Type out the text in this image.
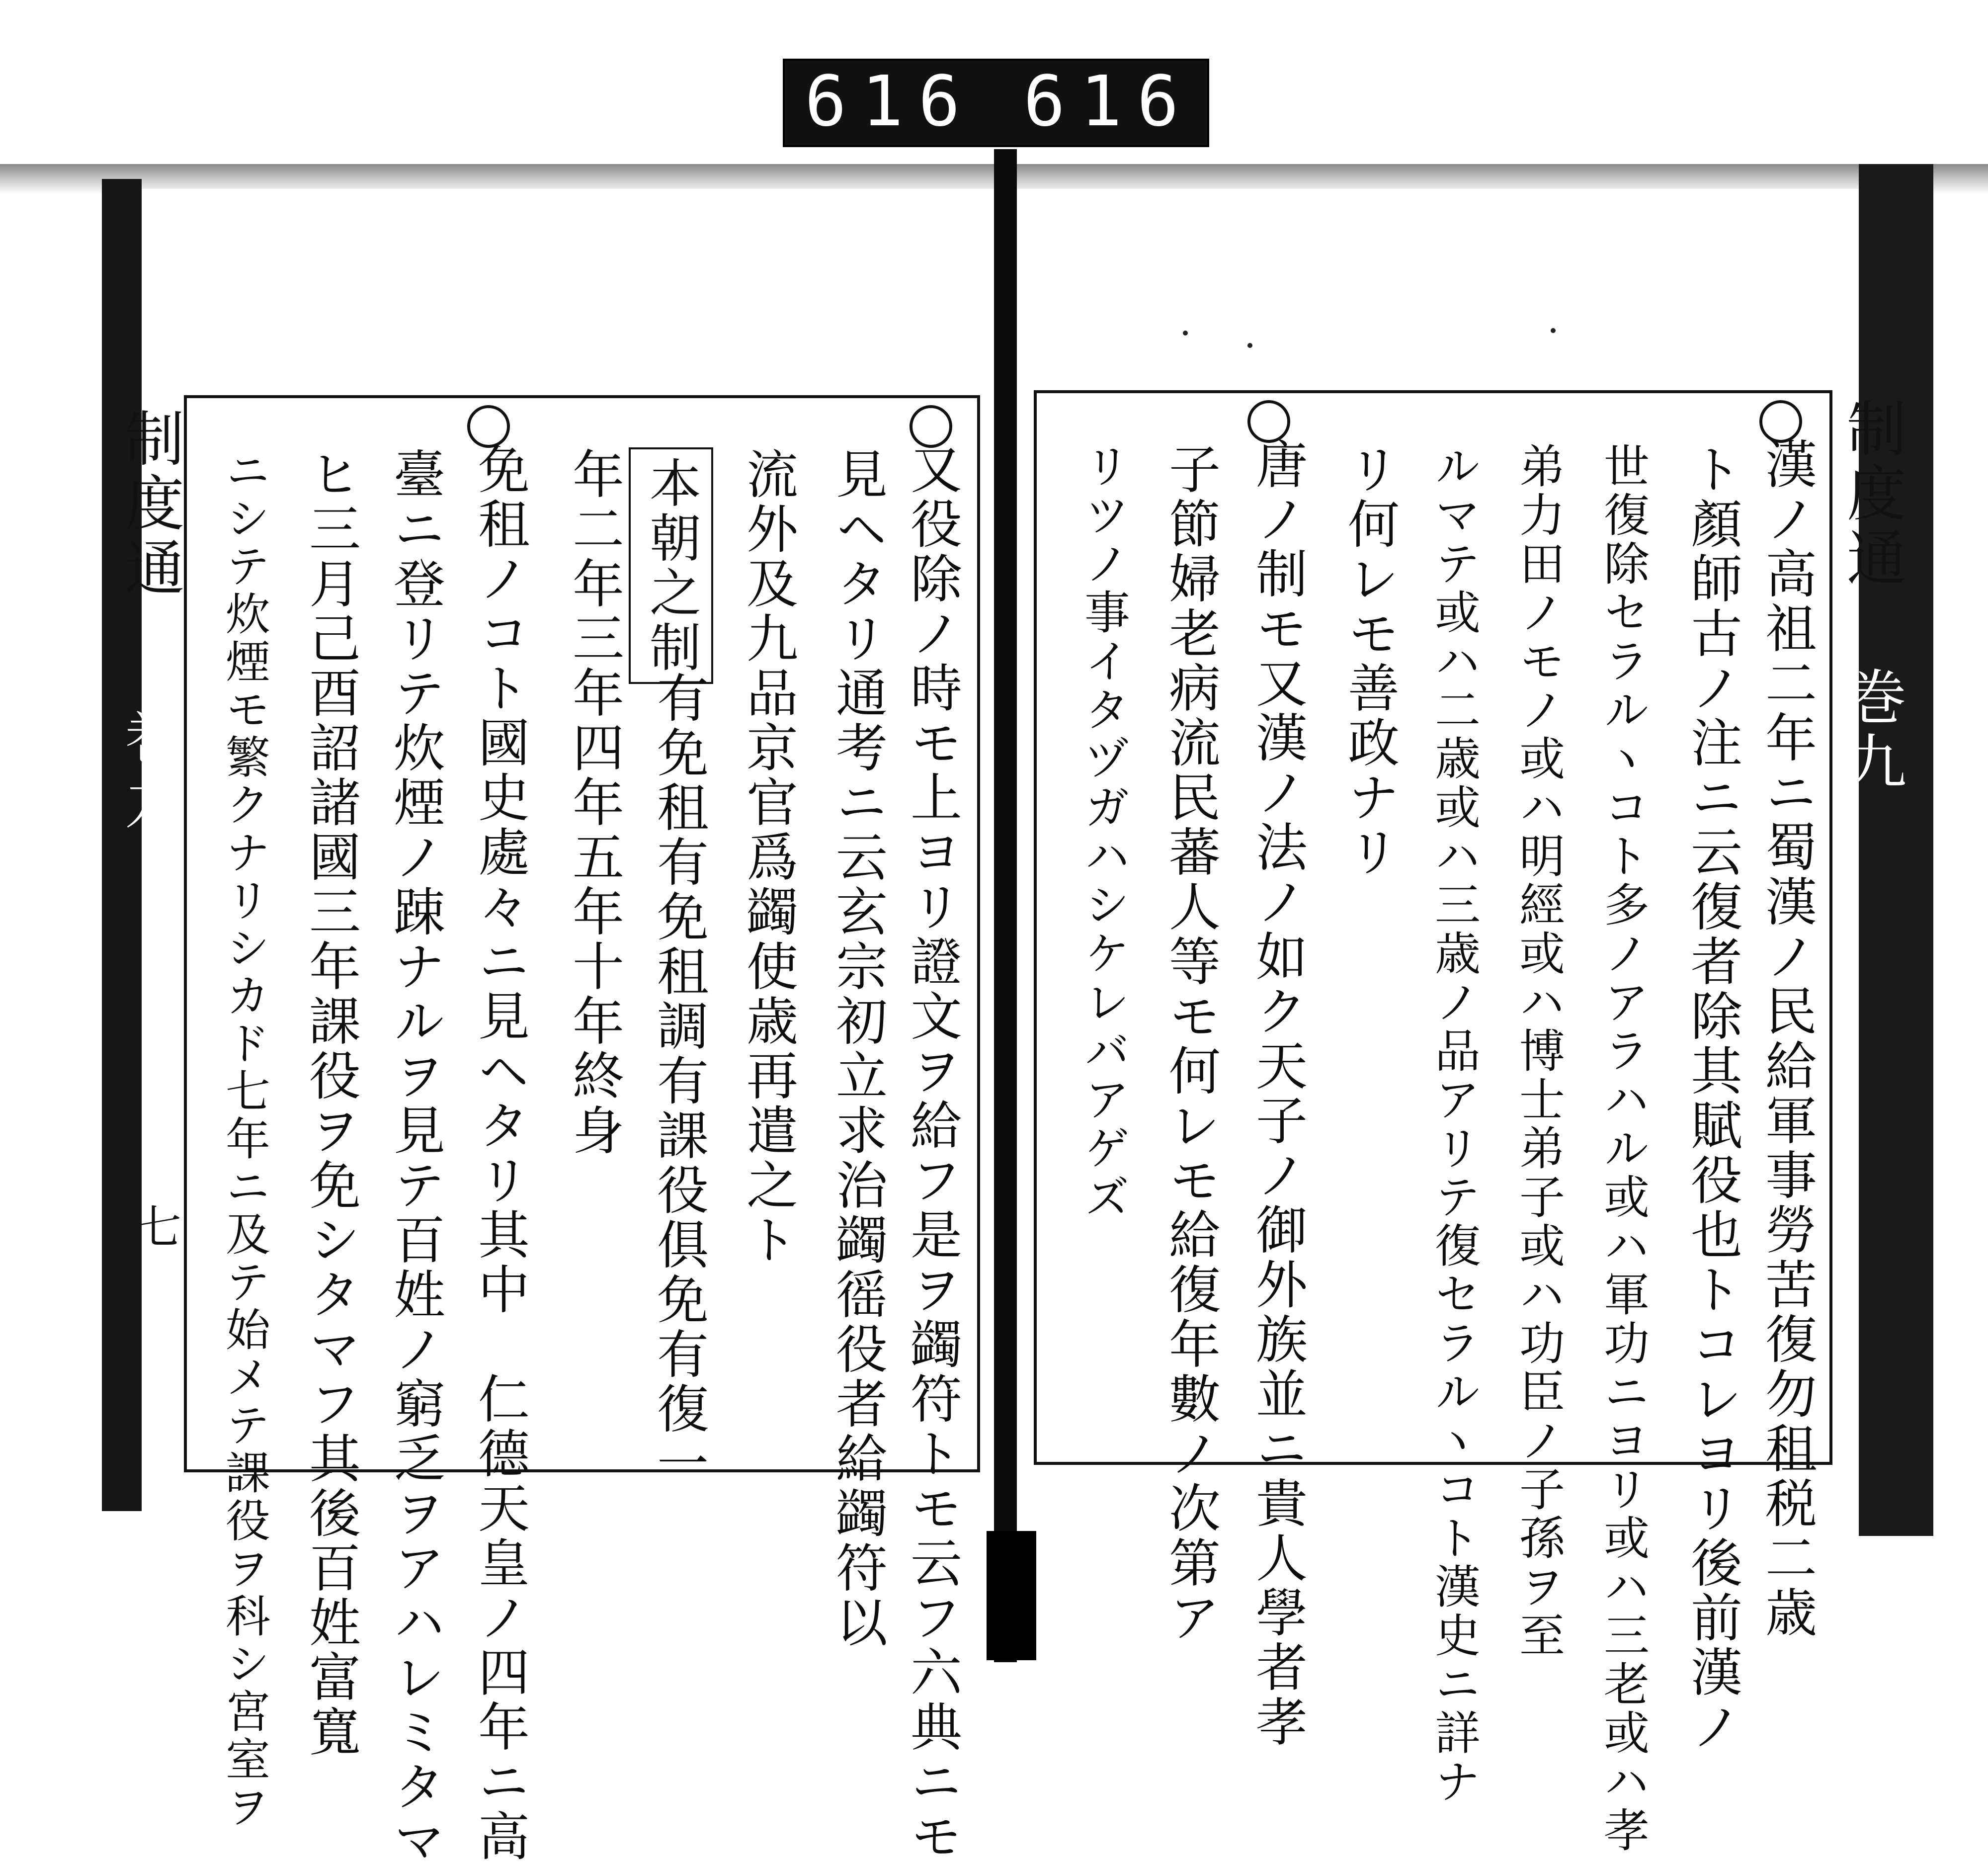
616 616.
制度通
巻九
七
制度通
巻九
又役除ノ時モ上ヨリ證文ヲ給フ是ヲ蠲符トモ云フ六典ニモ
見ヘタリ通考ニ云玄宗初立求治蠲徭役者給蠲符以
流外及九品京官爲蠲使歳再遣之ト
本朝之制
有免租有免租調有課役俱免有復一
年二年三年四年五年十年終身
免租ノコト國史處々ニ見ヘタリ其中　仁德天皇ノ四年ニ高
臺ニ登リテ炊煙ノ踈ナルヲ見テ百姓ノ窮乏ヲアハレミタマ
ヒ三月己酉詔諸國三年課役ヲ免シタマフ其後百姓富寬
ニシテ炊煙モ繁クナリシカド七年ニ及テ始メテ課役ヲ科シ宮室ヲ	漢ノ高祖二年ニ蜀漢ノ民給軍事勞苦復勿租税二歳
ト顏師古ノ注ニ云復者除其賦役也トコレヨリ後前漢ノ
世復除セラルヽコト多ノアラハル或ハ軍功ニヨリ或ハ三老或ハ孝
弟力田ノモノ或ハ明經或ハ博士弟子或ハ功臣ノ子孫ヲ至
ルマテ或ハ二歳或ハ三歳ノ品アリテ復セラルヽコト漢史ニ詳ナ
リ何レモ善政ナリ
唐ノ制モ又漢ノ法ノ如ク天子ノ御外族並ニ貴人學者孝
子節婦老病流民蕃人等モ何レモ給復年數ノ次第ア
リツノ事イタヅガハシケレバアゲズ
